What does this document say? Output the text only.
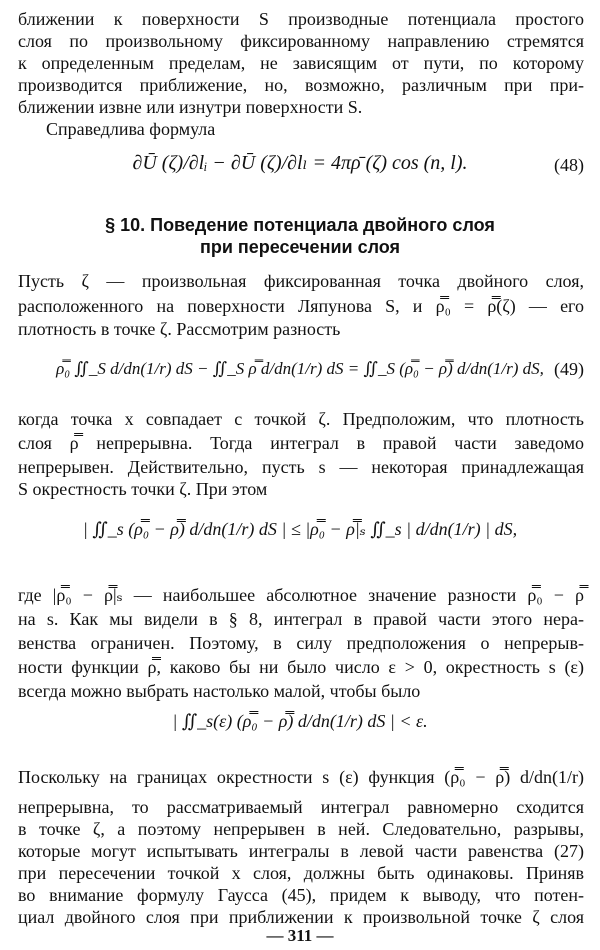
ближении к поверхности S производные потенциала простого
слоя по произвольному фиксированному направлению стремятся
к определенным пределам, не зависящим от пути, по которому
производится приближение, но, возможно, различным при при-
ближении извне или изнутри поверхности S.
Справедлива формула
∂Ū (ζ)/∂lᵢ − ∂Ū (ζ)/∂lₗ = 4πρ̄ (ζ) cos (n, l).	(48)
§ 10. Поведение потенциала двойного слоя
при пересечении слоя
Пусть ζ — произвольная фиксированная точка двойного слоя,
расположенного на поверхности Ляпунова S, и ρ̿₀ = ρ̿(ζ) — его
плотность в точке ζ. Рассмотрим разность
ρ̿₀ ∬_S d/dn(1/r) dS − ∬_S ρ̿ d/dn(1/r) dS = ∬_S (ρ̿₀ − ρ̿) d/dn(1/r) dS, (49)
когда точка x совпадает с точкой ζ. Предположим, что плотность
слоя ρ̿ непрерывна. Тогда интеграл в правой части заведомо
непрерывен. Действительно, пусть s — некоторая принадлежащая
S окрестность точки ζ. При этом
| ∬_s (ρ̿₀ − ρ̿) d/dn(1/r) dS | ≤ |ρ̿₀ − ρ̿|ₛ ∬_s | d/dn(1/r) | dS,
где |ρ̿₀ − ρ̿|ₛ — наибольшее абсолютное значение разности ρ̿₀ − ρ̿
на s. Как мы видели в § 8, интеграл в правой части этого нера-
венства ограничен. Поэтому, в силу предположения о непрерыв-
ности функции ρ̿, каково бы ни было число ε > 0, окрестность s (ε)
всегда можно выбрать настолько малой, чтобы было
| ∬_s(ε) (ρ̿₀ − ρ̿) d/dn(1/r) dS | < ε.
Поскольку на границах окрестности s (ε) функция (ρ̿₀ − ρ̿) d/dn(1/r)
непрерывна, то рассматриваемый интеграл равномерно сходится
в точке ζ, а поэтому непрерывен в ней. Следовательно, разрывы,
которые могут испытывать интегралы в левой части равенства (27)
при пересечении точкой x слоя, должны быть одинаковы. Приняв
во внимание формулу Гаусса (45), придем к выводу, что потен-
циал двойного слоя при приближении к произвольной точке ζ слоя
— 311 —
